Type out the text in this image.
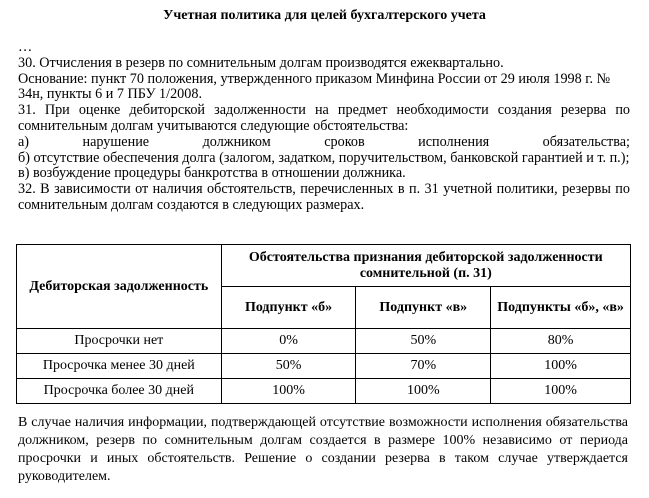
Учетная политика для целей бухгалтерского учета

…

30. Отчисления в резерв по сомнительным долгам производятся ежеквартально.

Основание: пункт 70 положения, утвержденного приказом Минфина России от 29 июля 1998 г. № 34н, пункты 6 и 7 ПБУ 1/2008.

31. При оценке дебиторской задолженности на предмет необходимости создания резерва по сомнительным долгам учитываются следующие обстоятельства:

а) нарушение должником сроков исполнения обязательства;

б) отсутствие обеспечения долга (залогом, задатком, поручительством, банковской гарантией и т. п.);

в) возбуждение процедуры банкротства в отношении должника.

32. В зависимости от наличия обстоятельств, перечисленных в п. 31 учетной политики, резервы по сомнительным долгам создаются в следующих размерах.

Дебиторская задолженность	Обстоятельства признания дебиторской задолженности сомнительной (п. 31)		
	Подпункт «б»	Подпункт «в»	Подпункты «б», «в»
Просрочки нет	0%	50%	80%
Просрочка менее 30 дней	50%	70%	100%
Просрочка более 30 дней	100%	100%	100%

В случае наличия информации, подтверждающей отсутствие возможности исполнения обязательства должником, резерв по сомнительным долгам создается в размере 100% независимо от периода просрочки и иных обстоятельств. Решение о создании резерва в таком случае утверждается руководителем.
